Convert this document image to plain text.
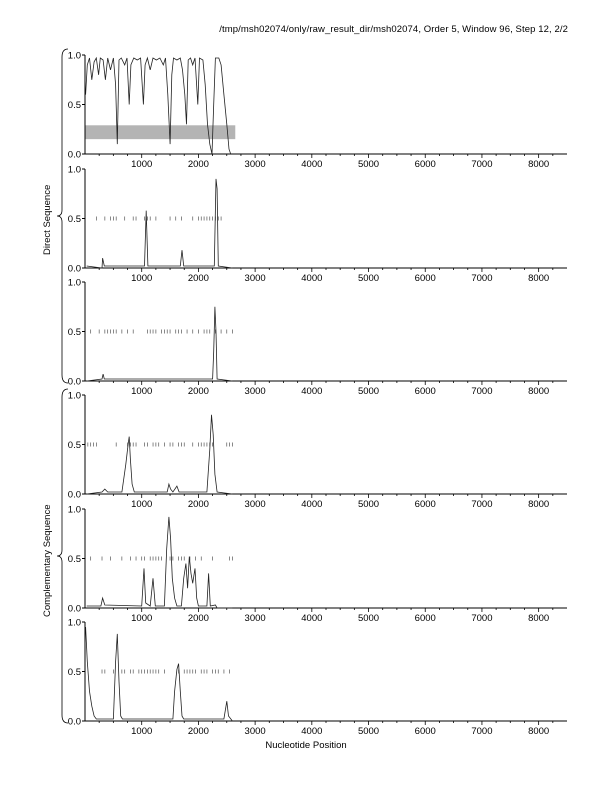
/tmp/msh02074/only/raw_result_dir/msh02074, Order 5, Window 96, Step 12, 2/2
0.0
0.5
1.0
1000	2000	3000	4000	5000	6000	7000	8000
0.0
0.5
1.0
1000	2000	3000	4000	5000	6000	7000	8000
0.0
0.5
1.0
1000	2000	3000	4000	5000	6000	7000	8000
0.0
0.5
1.0
1000	2000	3000	4000	5000	6000	7000	8000
0.0
0.5
1.0
1000	2000	3000	4000	5000	6000	7000	8000
0.0
0.5
1.0
1000	2000	3000	4000	5000	6000	7000	8000
Direct Sequence
Complementary Sequence
Nucleotide Position
